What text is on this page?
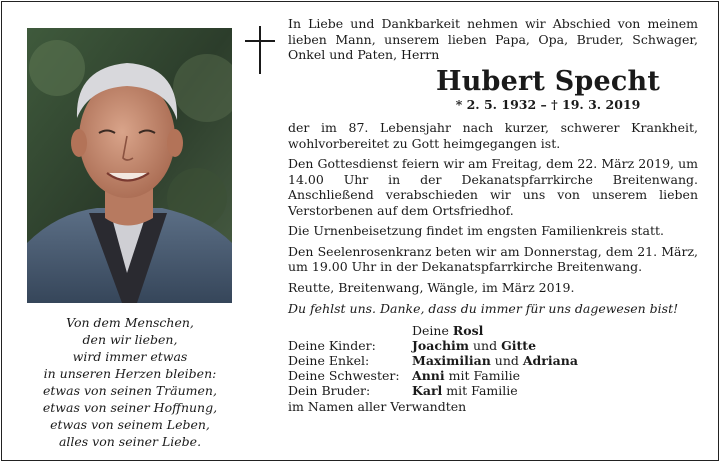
Von dem Menschen,
den wir lieben,
wird immer etwas
in unseren Herzen bleiben:
etwas von seinen Träumen,
etwas von seiner Hoffnung,
etwas von seinem Leben,
alles von seiner Liebe.
In Liebe und Dankbarkeit nehmen wir Abschied von meinem lieben Mann, unserem lieben Papa, Opa, Bruder, Schwager, Onkel und Paten, Herrn
Hubert Specht
* 2. 5. 1932 – † 19. 3. 2019
der im 87. Lebensjahr nach kurzer, schwerer Krankheit, wohlvorbereitet zu Gott heimgegangen ist.
Den Gottesdienst feiern wir am Freitag, dem 22. März 2019, um 14.00 Uhr in der Dekanatspfarrkirche Breitenwang. Anschließend verabschieden wir uns von unserem lieben Verstorbenen auf dem Ortsfriedhof.
Die Urnenbeisetzung findet im engsten Familienkreis statt.
Den Seelenrosenkranz beten wir am Donnerstag, dem 21. März, um 19.00 Uhr in der Dekanatspfarrkirche Breitenwang.
Reutte, Breitenwang, Wängle, im März 2019.
Du fehlst uns. Danke, dass du immer für uns dagewesen bist!
Deine Rosl
Deine Kinder:	Joachim und Gitte
Deine Enkel:	Maximilian und Adriana
Deine Schwester: Anni mit Familie
Dein Bruder:	Karl mit Familie
im Namen aller Verwandten
